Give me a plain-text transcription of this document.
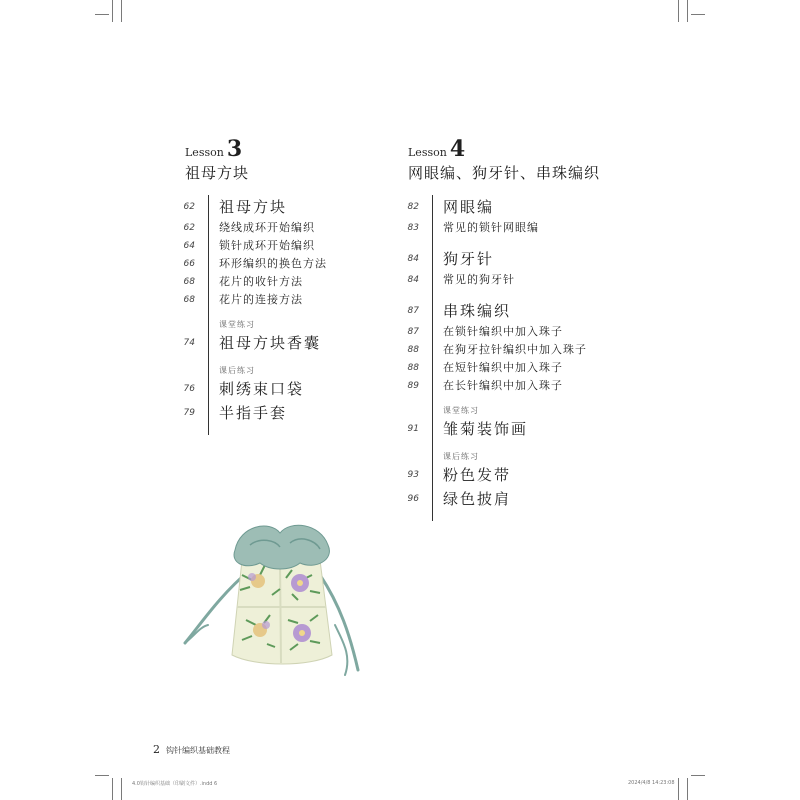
Lesson 3
祖母方块
62	祖母方块
62	绕线成环开始编织
64	锁针成环开始编织
66	环形编织的换色方法
68	花片的收针方法
68	花片的连接方法
课堂练习
74	祖母方块香囊
课后练习
76	刺绣束口袋
79	半指手套
Lesson 4
网眼编、狗牙针、串珠编织
82	网眼编
83	常见的锁针网眼编
84	狗牙针
84	常见的狗牙针
87	串珠编织
87	在锁针编织中加入珠子
88	在狗牙拉针编织中加入珠子
88	在短针编织中加入珠子
89	在长针编织中加入珠子
课堂练习
91	雏菊装饰画
课后练习
93	粉色发带
96	绿色披肩
2 钩针编织基础教程
4.0钩针编织基础（印刷文件）.indd 6	2024/4/8 14:23:08
